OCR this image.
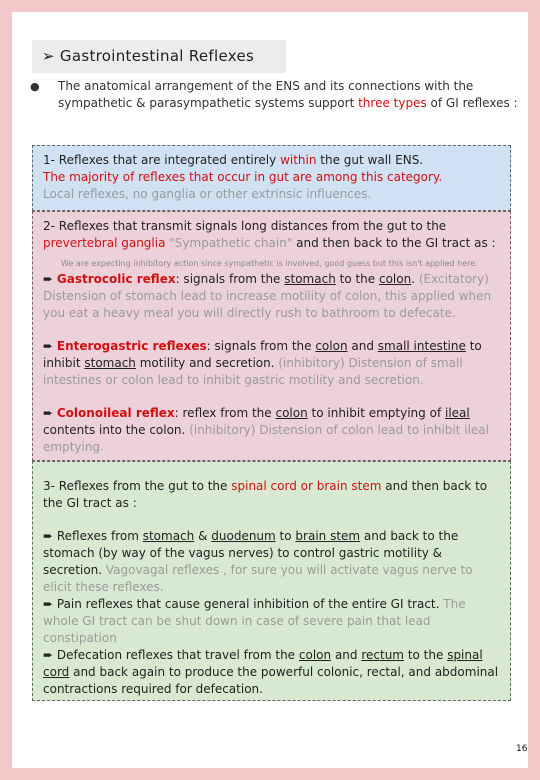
➢ Gastrointestinal Reflexes
● The anatomical arrangement of the ENS and its connections with the sympathetic & parasympathetic systems support three types of GI reflexes :
1- Reflexes that are integrated entirely within the gut wall ENS.
The majority of reflexes that occur in gut are among this category.
Local reflexes, no ganglia or other extrinsic influences.
2- Reflexes that transmit signals long distances from the gut to the prevertebral ganglia "Sympathetic chain" and then back to the GI tract as :
We are expecting inhibitory action since sympathetic is involved, good guess but this isn't applied here.
➨ Gastrocolic reflex: signals from the stomach to the colon. (Excitatory) Distension of stomach lead to increase motility of colon, this applied when you eat a heavy meal you will directly rush to bathroom to defecate.
➨ Enterogastric reflexes: signals from the colon and small intestine to inhibit stomach motility and secretion. (inhibitory) Distension of small intestines or colon lead to inhibit gastric motility and secretion.
➨ Colonoileal reflex: reflex from the colon to inhibit emptying of ileal contents into the colon. (inhibitory) Distension of colon lead to inhibit ileal emptying.
3- Reflexes from the gut to the spinal cord or brain stem and then back to the GI tract as :
➨ Reflexes from stomach & duodenum to brain stem and back to the stomach (by way of the vagus nerves) to control gastric motility & secretion. Vagovagal reflexes , for sure you will activate vagus nerve to elicit these reflexes.
➨ Pain reflexes that cause general inhibition of the entire GI tract. The whole GI tract can be shut down in case of severe pain that lead constipation
➨ Defecation reflexes that travel from the colon and rectum to the spinal cord and back again to produce the powerful colonic, rectal, and abdominal contractions required for defecation.
16
